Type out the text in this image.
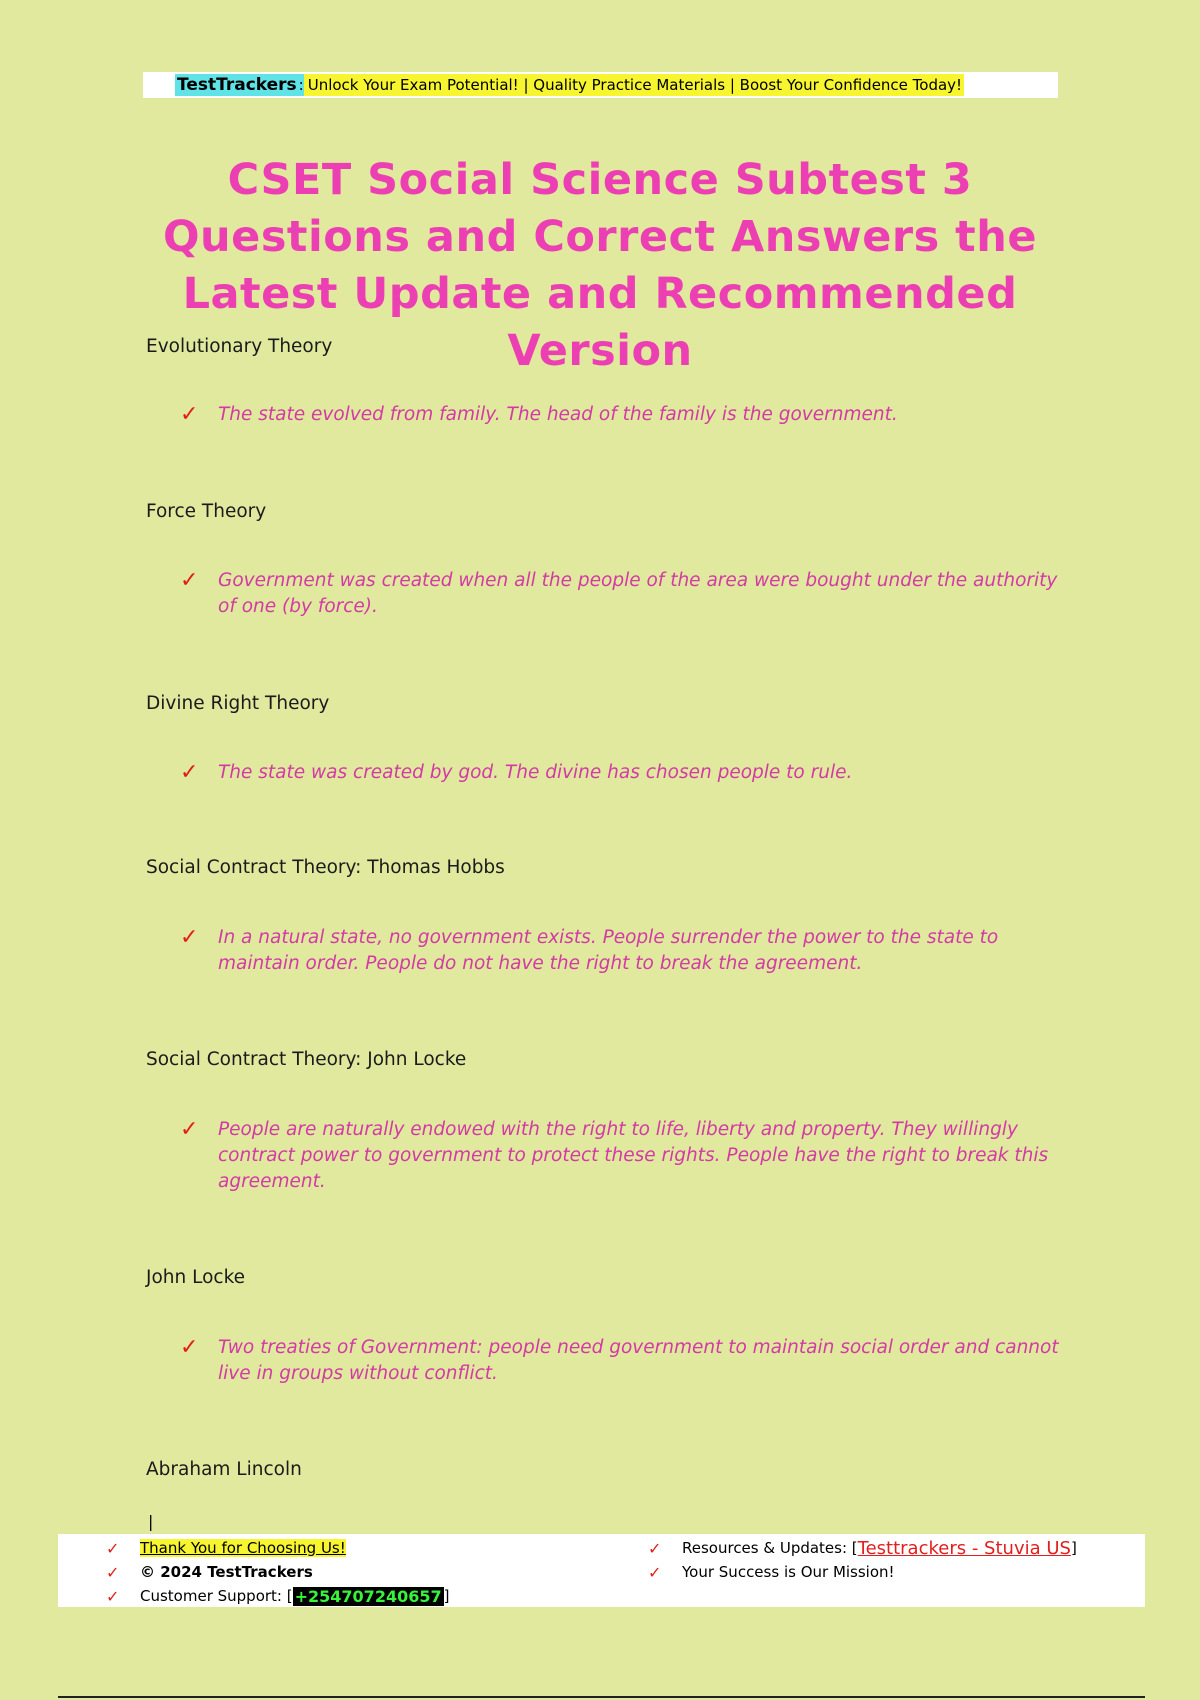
TestTrackers : Unlock Your Exam Potential! | Quality Practice Materials | Boost Your Confidence Today!
CSET Social Science Subtest 3 Questions and Correct Answers the Latest Update and Recommended Version

Evolutionary Theory

✓	The state evolved from family. The head of the family is the government.

Force Theory

✓	Government was created when all the people of the area were bought under the authority of one (by force).

Divine Right Theory

✓	The state was created by god. The divine has chosen people to rule.

Social Contract Theory: Thomas Hobbs

✓	In a natural state, no government exists. People surrender the power to the state to maintain order. People do not have the right to break the agreement.

Social Contract Theory: John Locke

✓	People are naturally endowed with the right to life, liberty and property. They willingly contract power to government to protect these rights. People have the right to break this agreement.

John Locke

✓	Two treaties of Government: people need government to maintain social order and cannot live in groups without conflict.

Abraham Lincoln

|
✓	Thank You for Choosing Us!
✓	© 2024 TestTrackers
✓	Customer Support: [ +254707240657 ]
✓	Resources & Updates: [ Testtrackers - Stuvia US ]
✓	Your Success is Our Mission!
